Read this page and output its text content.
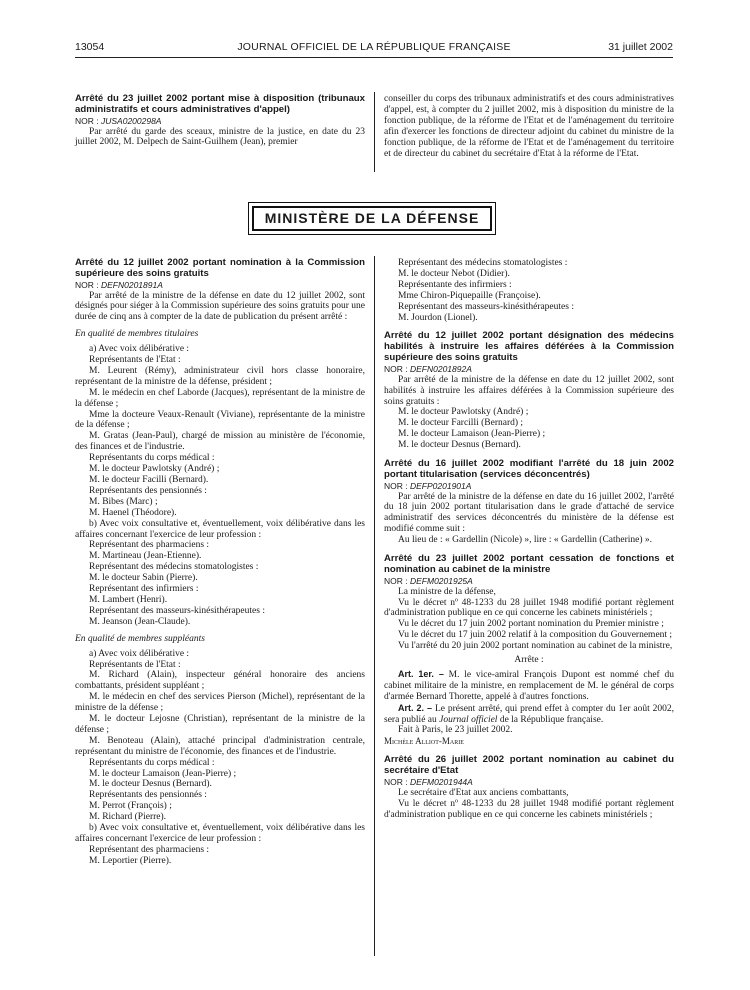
13054	JOURNAL OFFICIEL DE LA RÉPUBLIQUE FRANÇAISE	31 juillet 2002

Arrêté du 23 juillet 2002 portant mise à disposition (tribunaux administratifs et cours administratives d'appel)

NOR : JUSA0200298A

Par arrêté du garde des sceaux, ministre de la justice, en date du 23 juillet 2002, M. Delpech de Saint-Guilhem (Jean), premier

conseiller du corps des tribunaux administratifs et des cours administratives d'appel, est, à compter du 2 juillet 2002, mis à disposition du ministre de la fonction publique, de la réforme de l'Etat et de l'aménagement du territoire afin d'exercer les fonctions de directeur adjoint du cabinet du ministre de la fonction publique, de la réforme de l'Etat et de l'aménagement du territoire et de directeur du cabinet du secrétaire d'Etat à la réforme de l'Etat.

MINISTÈRE DE LA DÉFENSE

Arrêté du 12 juillet 2002 portant nomination à la Commission supérieure des soins gratuits

NOR : DEFN0201891A

Par arrêté de la ministre de la défense en date du 12 juillet 2002, sont désignés pour siéger à la Commission supérieure des soins gratuits pour une durée de cinq ans à compter de la date de publication du présent arrêté :

En qualité de membres titulaires

a) Avec voix délibérative :

Représentants de l'Etat :

M. Leurent (Rémy), administrateur civil hors classe honoraire, représentant de la ministre de la défense, président ;

M. le médecin en chef Laborde (Jacques), représentant de la ministre de la défense ;

Mme la docteure Veaux-Renault (Viviane), représentante de la ministre de la défense ;

M. Gratas (Jean-Paul), chargé de mission au ministère de l'économie, des finances et de l'industrie.

Représentants du corps médical :

M. le docteur Pawlotsky (André) ;

M. le docteur Facilli (Bernard).

Représentants des pensionnés :

M. Bibes (Marc) ;

M. Haenel (Théodore).

b) Avec voix consultative et, éventuellement, voix délibérative dans les affaires concernant l'exercice de leur profession :

Représentant des pharmaciens :

M. Martineau (Jean-Etienne).

Représentant des médecins stomatologistes :

M. le docteur Sabin (Pierre).

Représentant des infirmiers :

M. Lambert (Henri).

Représentant des masseurs-kinésithérapeutes :

M. Jeanson (Jean-Claude).

En qualité de membres suppléants

a) Avec voix délibérative :

Représentants de l'Etat :

M. Richard (Alain), inspecteur général honoraire des anciens combattants, président suppléant ;

M. le médecin en chef des services Pierson (Michel), représentant de la ministre de la défense ;

M. le docteur Lejosne (Christian), représentant de la ministre de la défense ;

M. Benoteau (Alain), attaché principal d'administration centrale, représentant du ministre de l'économie, des finances et de l'industrie.

Représentants du corps médical :

M. le docteur Lamaison (Jean-Pierre) ;

M. le docteur Desnus (Bernard).

Représentants des pensionnés :

M. Perrot (François) ;

M. Richard (Pierre).

b) Avec voix consultative et, éventuellement, voix délibérative dans les affaires concernant l'exercice de leur profession :

Représentant des pharmaciens :

M. Leportier (Pierre).

Représentant des médecins stomatologistes :

M. le docteur Nebot (Didier).

Représentante des infirmiers :

Mme Chiron-Piquepaille (Françoise).

Représentant des masseurs-kinésithérapeutes :

M. Jourdon (Lionel).

Arrêté du 12 juillet 2002 portant désignation des médecins habilités à instruire les affaires déférées à la Commission supérieure des soins gratuits

NOR : DEFN0201892A

Par arrêté de la ministre de la défense en date du 12 juillet 2002, sont habilités à instruire les affaires déférées à la Commission supérieure des soins gratuits :

M. le docteur Pawlotsky (André) ;

M. le docteur Farcilli (Bernard) ;

M. le docteur Lamaison (Jean-Pierre) ;

M. le docteur Desnus (Bernard).

Arrêté du 16 juillet 2002 modifiant l'arrêté du 18 juin 2002 portant titularisation (services déconcentrés)

NOR : DEFP0201901A

Par arrêté de la ministre de la défense en date du 16 juillet 2002, l'arrêté du 18 juin 2002 portant titularisation dans le grade d'attaché de service administratif des services déconcentrés du ministère de la défense est modifié comme suit :

Au lieu de : « Gardellin (Nicole) », lire : « Gardellin (Catherine) ».

Arrêté du 23 juillet 2002 portant cessation de fonctions et nomination au cabinet de la ministre

NOR : DEFM0201925A

La ministre de la défense,

Vu le décret nº 48-1233 du 28 juillet 1948 modifié portant règlement d'administration publique en ce qui concerne les cabinets ministériels ;

Vu le décret du 17 juin 2002 portant nomination du Premier ministre ;

Vu le décret du 17 juin 2002 relatif à la composition du Gouvernement ;

Vu l'arrêté du 20 juin 2002 portant nomination au cabinet de la ministre,

Arrête :

Art. 1er. – M. le vice-amiral François Dupont est nommé chef du cabinet militaire de la ministre, en remplacement de M. le général de corps d'armée Bernard Thorette, appelé à d'autres fonctions.

Art. 2. – Le présent arrêté, qui prend effet à compter du 1er août 2002, sera publié au Journal officiel de la République française.

Fait à Paris, le 23 juillet 2002.

Michèle Alliot-Marie

Arrêté du 26 juillet 2002 portant nomination au cabinet du secrétaire d'Etat

NOR : DEFM0201944A

Le secrétaire d'Etat aux anciens combattants,

Vu le décret nº 48-1233 du 28 juillet 1948 modifié portant règlement d'administration publique en ce qui concerne les cabinets ministériels ;
